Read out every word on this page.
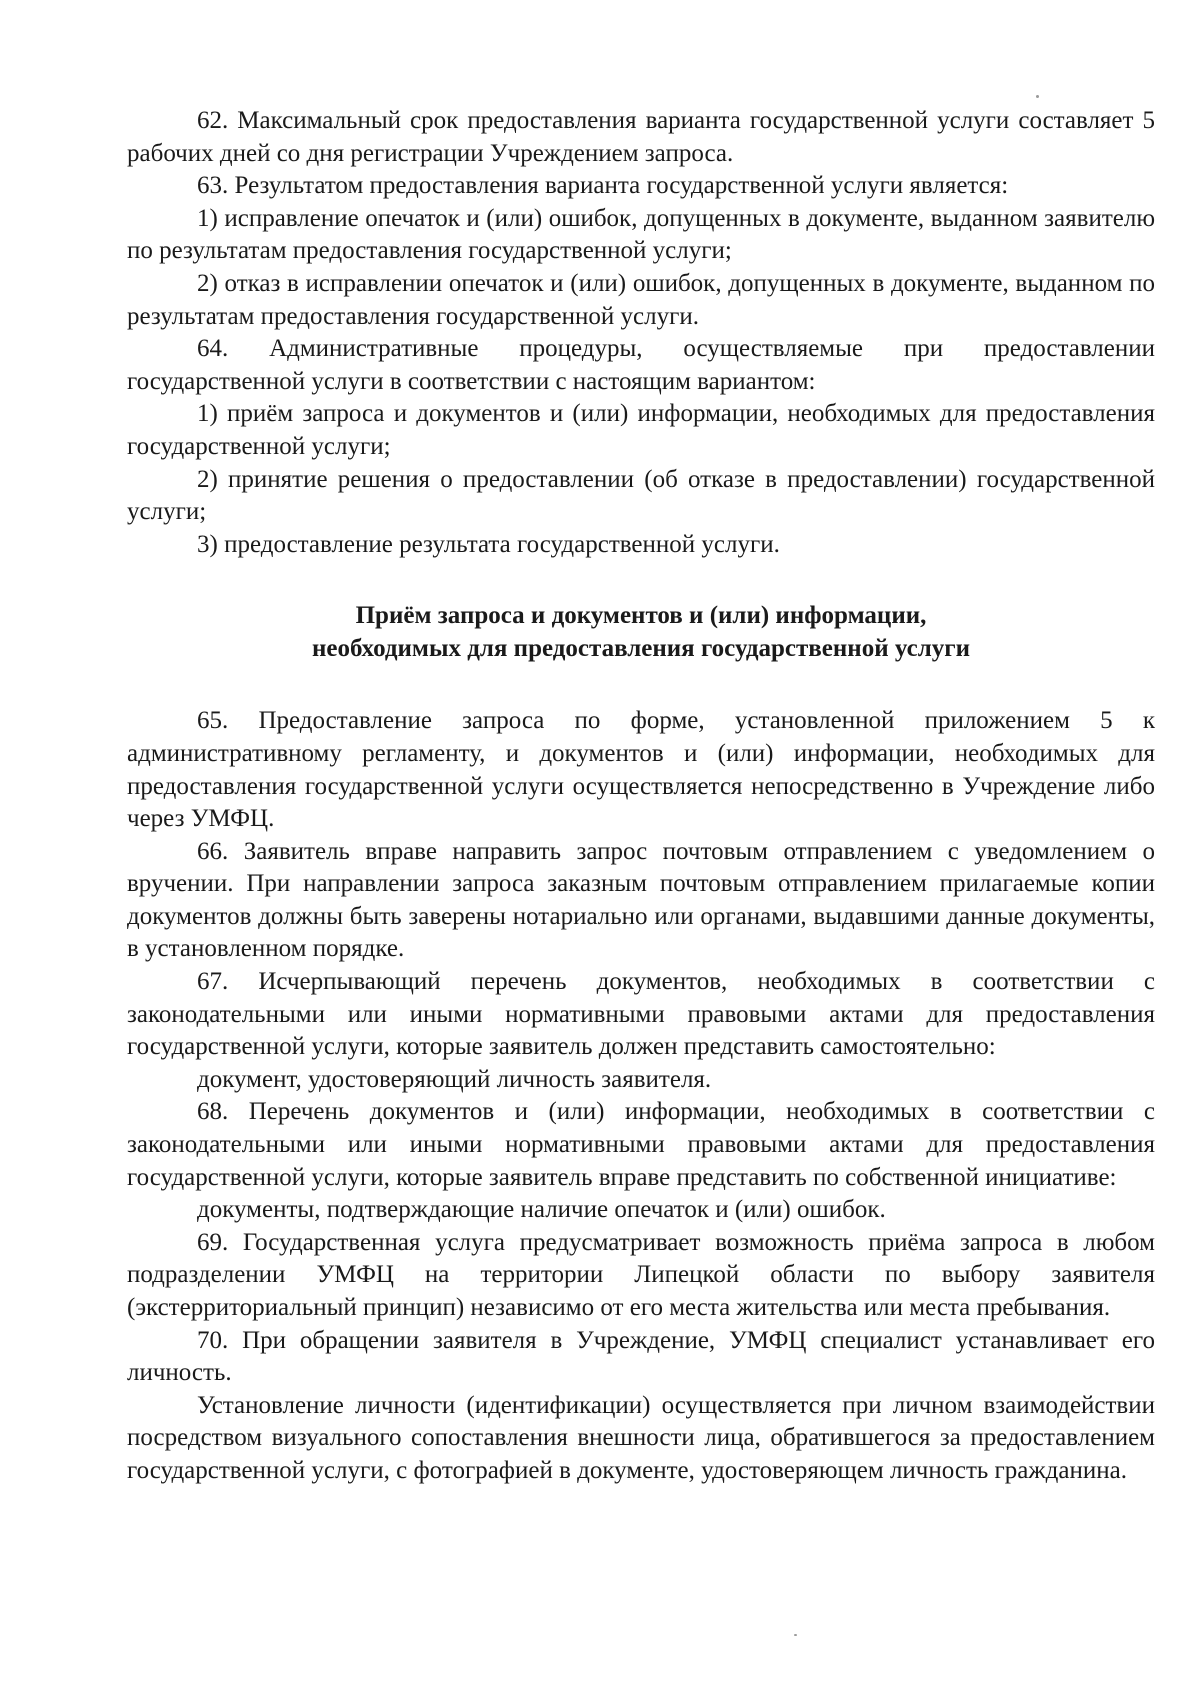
62. Максимальный срок предоставления варианта государственной услуги составляет 5 рабочих дней со дня регистрации Учреждением запроса.

63. Результатом предоставления варианта государственной услуги является:

1) исправление опечаток и (или) ошибок, допущенных в документе, выданном заявителю по результатам предоставления государственной услуги;

2) отказ в исправлении опечаток и (или) ошибок, допущенных в документе, выданном по результатам предоставления государственной услуги.

64. Административные процедуры, осуществляемые при предоставлении государственной услуги в соответствии с настоящим вариантом:

1) приём запроса и документов и (или) информации, необходимых для предоставления государственной услуги;

2) принятие решения о предоставлении (об отказе в предоставлении) государственной услуги;

3) предоставление результата государственной услуги.

Приём запроса и документов и (или) информации,
необходимых для предоставления государственной услуги

65. Предоставление запроса по форме, установленной приложением 5 к административному регламенту, и документов и (или) информации, необходимых для предоставления государственной услуги осуществляется непосредственно в Учреждение либо через УМФЦ.

66. Заявитель вправе направить запрос почтовым отправлением с уведомлением о вручении. При направлении запроса заказным почтовым отправлением прилагаемые копии документов должны быть заверены нотариально или органами, выдавшими данные документы, в установленном порядке.

67. Исчерпывающий перечень документов, необходимых в соответствии с законодательными или иными нормативными правовыми актами для предоставления государственной услуги, которые заявитель должен представить самостоятельно:

документ, удостоверяющий личность заявителя.

68. Перечень документов и (или) информации, необходимых в соответствии с законодательными или иными нормативными правовыми актами для предоставления государственной услуги, которые заявитель вправе представить по собственной инициативе:

документы, подтверждающие наличие опечаток и (или) ошибок.

69. Государственная услуга предусматривает возможность приёма запроса в любом подразделении УМФЦ на территории Липецкой области по выбору заявителя (экстерриториальный принцип) независимо от его места жительства или места пребывания.

70. При обращении заявителя в Учреждение, УМФЦ специалист устанавливает его личность.

Установление личности (идентификации) осуществляется при личном взаимодействии посредством визуального сопоставления внешности лица, обратившегося за предоставлением государственной услуги, с фотографией в документе, удостоверяющем личность гражданина.
